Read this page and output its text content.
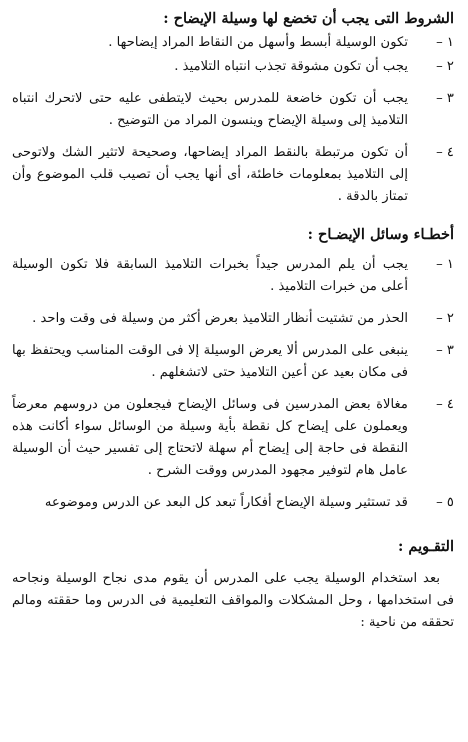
الشروط التى يجب أن تخضع لها وسيلة الإيضاح :

١ –
تكون الوسيلة أبسط وأسهل من النقاط المراد إيضاحها .

٢ –
يجب أن تكون مشوقة تجذب انتباه التلاميذ .

٣ –
يجب أن تكون خاضعة للمدرس بحيث لايتطفى عليه حتى لاتحرك انتباه التلاميذ إلى وسيلة الإيضاح وينسون المراد من التوضيح .

٤ –
أن تكون مرتبطة بالنقط المراد إيضاحها، وصحيحة لاتثير الشك ولاتوحى إلى التلاميذ بمعلومات خاطئة، أى أنها يجب أن تصيب قلب الموضوع وأن تمتاز بالدقة .

أخطـاء وسائل الإيضـاح :

١ –
يجب أن يلم المدرس جيداً بخبرات التلاميذ السابقة فلا تكون الوسيلة أعلى من خبرات التلاميذ .

٢ –
الحذر من تشتيت أنظار التلاميذ بعرض أكثر من وسيلة فى وقت واحد .

٣ –
ينبغى على المدرس ألا يعرض الوسيلة إلا فى الوقت المناسب ويحتفظ بها فى مكان بعيد عن أعين التلاميذ حتى لاتشغلهم .

٤ –
مغالاة بعض المدرسين فى وسائل الإيضاح فيجعلون من دروسهم معرضاً ويعملون على إيضاح كل نقطة بأية وسيلة من الوسائل سواء أكانت هذه النقطة فى حاجة إلى إيضاح أم سهلة لاتحتاج إلى تفسير حيث أن الوسيلة عامل هام لتوفير مجهود المدرس ووقت الشرح .

٥ –
قد تستثير وسيلة الإيضاح أفكاراً تبعد كل البعد عن الدرس وموضوعه

التقـويم :

بعد استخدام الوسيلة يجب على المدرس أن يقوم مدى نجاح الوسيلة ونجاحه فى استخدامها ، وحل المشكلات والمواقف التعليمية فى الدرس وما حققته ومالم تحققه من ناحية :
